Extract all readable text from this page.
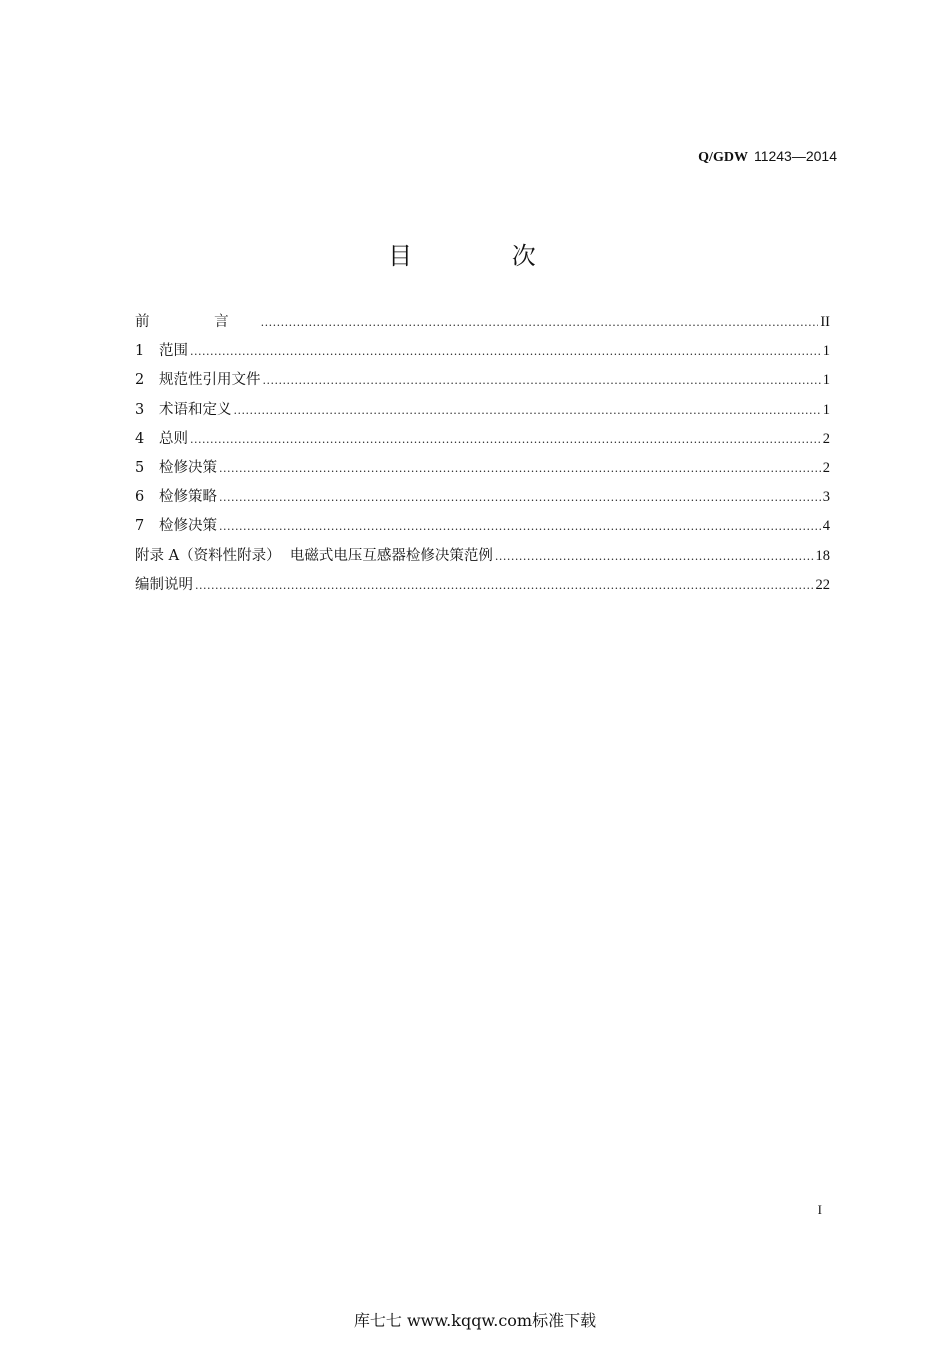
Q/GDW 11243—2014
目 次
前 言 .....	II
1	范围 .....	1
2	规范性引用文件 .....	1
3	术语和定义 .....	1
4	总则 .....	2
5	检修决策 .....	2
6	检修策略 .....	3
7	检修决策 .....	4
附录 A（资料性附录） 电磁式电压互感器检修决策范例 .....	18
编制说明 .....	22
I
库七七 www.kqqw.com标准下载
